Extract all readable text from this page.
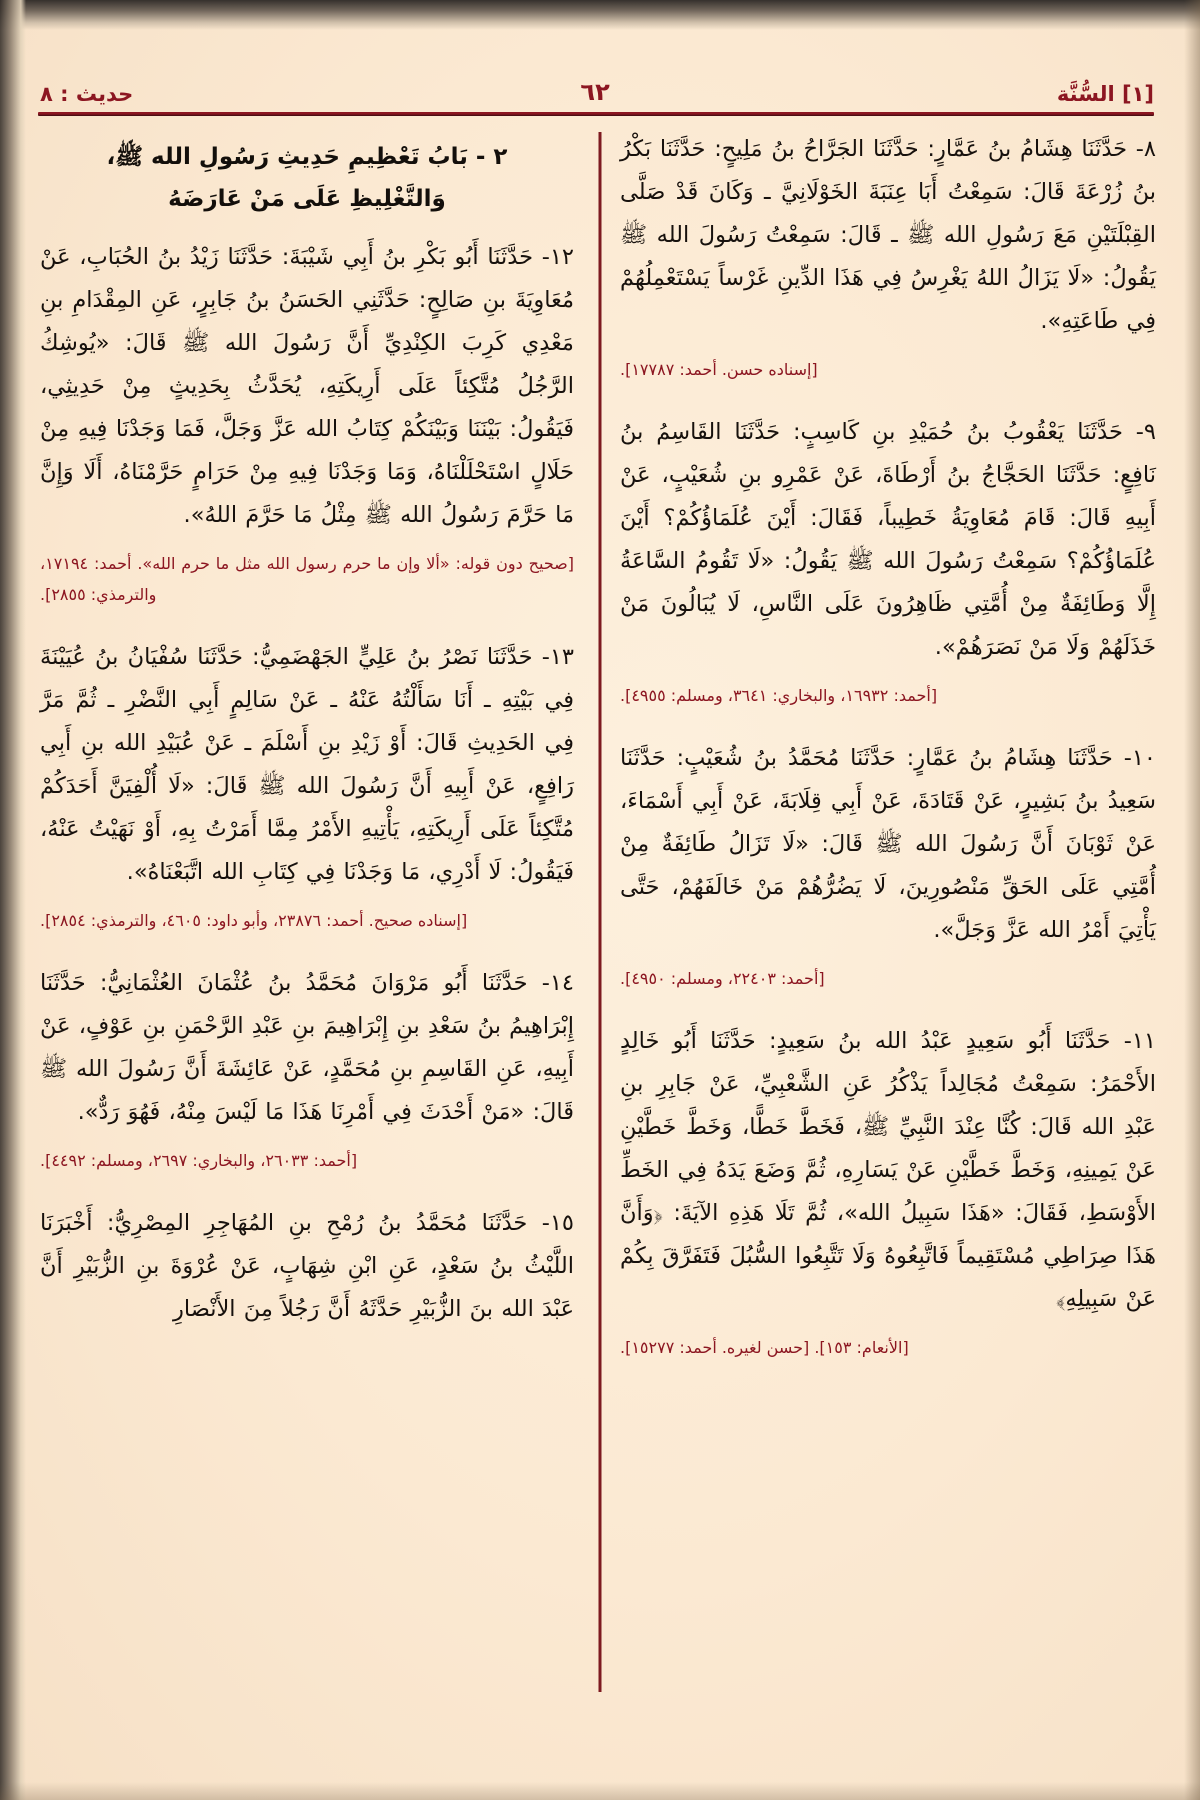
[١] السُّنَّة
٦٢
حديث : ٨

٨- حَدَّثَنَا هِشَامُ بنُ عَمَّارٍ: حَدَّثَنَا الجَرَّاحُ بنُ مَلِيحٍ: حَدَّثَنَا بَكْرُ بنُ زُرْعَةَ قَالَ: سَمِعْتُ أَبَا عِنَبَةَ الخَوْلَانِيَّ ـ وَكَانَ قَدْ صَلَّى القِبْلَتَيْنِ مَعَ رَسُولِ الله ﷺ ـ قَالَ: سَمِعْتُ رَسُولَ الله ﷺ يَقُولُ: «لَا يَزَالُ اللهُ يَغْرِسُ فِي هَذَا الدِّينِ غَرْساً يَسْتَعْمِلُهُمْ فِي طَاعَتِهِ».

[إسناده حسن. أحمد: ١٧٧٨٧].

٩- حَدَّثَنَا يَعْقُوبُ بنُ حُمَيْدِ بنِ كَاسِبٍ: حَدَّثَنَا القَاسِمُ بنُ نَافِعٍ: حَدَّثَنَا الحَجَّاجُ بنُ أَرْطَاةَ، عَنْ عَمْرِو بنِ شُعَيْبٍ، عَنْ أَبِيهِ قَالَ: قَامَ مُعَاوِيَةُ خَطِيباً، فَقَالَ: أَيْنَ عُلَمَاؤُكُمْ؟ أَيْنَ عُلَمَاؤُكُمْ؟ سَمِعْتُ رَسُولَ الله ﷺ يَقُولُ: «لَا تَقُومُ السَّاعَةُ إِلَّا وَطَائِفَةٌ مِنْ أُمَّتِي ظَاهِرُونَ عَلَى النَّاسِ، لَا يُبَالُونَ مَنْ خَذَلَهُمْ وَلَا مَنْ نَصَرَهُمْ».

[أحمد: ١٦٩٣٢، والبخاري: ٣٦٤١، ومسلم: ٤٩٥٥].

١٠- حَدَّثَنَا هِشَامُ بنُ عَمَّارٍ: حَدَّثَنَا مُحَمَّدُ بنُ شُعَيْبٍ: حَدَّثَنَا سَعِيدُ بنُ بَشِيرٍ، عَنْ قَتَادَةَ، عَنْ أَبِي قِلَابَةَ، عَنْ أَبِي أَسْمَاءَ، عَنْ ثَوْبَانَ أَنَّ رَسُولَ الله ﷺ قَالَ: «لَا تَزَالُ طَائِفَةٌ مِنْ أُمَّتِي عَلَى الحَقِّ مَنْصُورِينَ، لَا يَضُرُّهُمْ مَنْ خَالَفَهُمْ، حَتَّى يَأْتِيَ أَمْرُ الله عَزَّ وَجَلَّ».

[أحمد: ٢٢٤٠٣، ومسلم: ٤٩٥٠].

١١- حَدَّثَنَا أَبُو سَعِيدٍ عَبْدُ الله بنُ سَعِيدٍ: حَدَّثَنَا أَبُو خَالِدٍ الأَحْمَرُ: سَمِعْتُ مُجَالِداً يَذْكُرُ عَنِ الشَّعْبِيِّ، عَنْ جَابِرِ بنِ عَبْدِ الله قَالَ: كُنَّا عِنْدَ النَّبِيِّ ﷺ، فَخَطَّ خَطًّا، وَخَطَّ خَطَّيْنِ عَنْ يَمِينِهِ، وَخَطَّ خَطَّيْنِ عَنْ يَسَارِهِ، ثُمَّ وَضَعَ يَدَهُ فِي الخَطِّ الأَوْسَطِ، فَقَالَ: «هَذَا سَبِيلُ الله»، ثُمَّ تَلَا هَذِهِ الآيَةَ: ﴿وَأَنَّ هَذَا صِرَاطِي مُسْتَقِيماً فَاتَّبِعُوهُ وَلَا تَتَّبِعُوا السُّبُلَ فَتَفَرَّقَ بِكُمْ عَنْ سَبِيلِهِ﴾

[الأنعام: ١٥٣]. [حسن لغيره. أحمد: ١٥٢٧٧].

٢ - بَابُ تَعْظِيمِ حَدِيثِ رَسُولِ الله ﷺ،
وَالتَّغْلِيظِ عَلَى مَنْ عَارَضَهُ

١٢- حَدَّثَنَا أَبُو بَكْرِ بنُ أَبِي شَيْبَةَ: حَدَّثَنَا زَيْدُ بنُ الحُبَابِ، عَنْ مُعَاوِيَةَ بنِ صَالِحٍ: حَدَّثَنِي الحَسَنُ بنُ جَابِرٍ، عَنِ المِقْدَامِ بنِ مَعْدِي كَرِبَ الكِنْدِيِّ أَنَّ رَسُولَ الله ﷺ قَالَ: «يُوشِكُ الرَّجُلُ مُتَّكِئاً عَلَى أَرِيكَتِهِ، يُحَدَّثُ بِحَدِيثٍ مِنْ حَدِيثِي، فَيَقُولُ: بَيْنَنَا وَبَيْنَكُمْ كِتَابُ الله عَزَّ وَجَلَّ، فَمَا وَجَدْنَا فِيهِ مِنْ حَلَالٍ اسْتَحْلَلْنَاهُ، وَمَا وَجَدْنَا فِيهِ مِنْ حَرَامٍ حَرَّمْنَاهُ، أَلَا وَإِنَّ مَا حَرَّمَ رَسُولُ الله ﷺ مِثْلُ مَا حَرَّمَ اللهُ».

[صحيح دون قوله: «ألا وإن ما حرم رسول الله مثل ما حرم الله». أحمد: ١٧١٩٤، والترمذي: ٢٨٥٥].

١٣- حَدَّثَنَا نَصْرُ بنُ عَلِيٍّ الجَهْضَمِيُّ: حَدَّثَنَا سُفْيَانُ بنُ عُيَيْنَةَ فِي بَيْتِهِ ـ أَنَا سَأَلْتُهُ عَنْهُ ـ عَنْ سَالِمٍ أَبِي النَّضْرِ ـ ثُمَّ مَرَّ فِي الحَدِيثِ قَالَ: أَوْ زَيْدِ بنِ أَسْلَمَ ـ عَنْ عُبَيْدِ الله بنِ أَبِي رَافِعٍ، عَنْ أَبِيهِ أَنَّ رَسُولَ الله ﷺ قَالَ: «لَا أُلْفِيَنَّ أَحَدَكُمْ مُتَّكِئاً عَلَى أَرِيكَتِهِ، يَأْتِيهِ الأَمْرُ مِمَّا أَمَرْتُ بِهِ، أَوْ نَهَيْتُ عَنْهُ، فَيَقُولُ: لَا أَدْرِي، مَا وَجَدْنَا فِي كِتَابِ الله اتَّبَعْنَاهُ».

[إسناده صحيح. أحمد: ٢٣٨٧٦، وأبو داود: ٤٦٠٥، والترمذي: ٢٨٥٤].

١٤- حَدَّثَنَا أَبُو مَرْوَانَ مُحَمَّدُ بنُ عُثْمَانَ العُثْمَانِيُّ: حَدَّثَنَا إِبْرَاهِيمُ بنُ سَعْدِ بنِ إِبْرَاهِيمَ بنِ عَبْدِ الرَّحْمَنِ بنِ عَوْفٍ، عَنْ أَبِيهِ، عَنِ القَاسِمِ بنِ مُحَمَّدٍ، عَنْ عَائِشَةَ أَنَّ رَسُولَ الله ﷺ قَالَ: «مَنْ أَحْدَثَ فِي أَمْرِنَا هَذَا مَا لَيْسَ مِنْهُ، فَهُوَ رَدٌّ».

[أحمد: ٢٦٠٣٣، والبخاري: ٢٦٩٧، ومسلم: ٤٤٩٢].

١٥- حَدَّثَنَا مُحَمَّدُ بنُ رُمْحِ بنِ المُهَاجِرِ المِصْرِيُّ: أَخْبَرَنَا اللَّيْثُ بنُ سَعْدٍ، عَنِ ابْنِ شِهَابٍ، عَنْ عُرْوَةَ بنِ الزُّبَيْرِ أَنَّ عَبْدَ الله بنَ الزُّبَيْرِ حَدَّثَهُ أَنَّ رَجُلاً مِنَ الأَنْصَارِ
